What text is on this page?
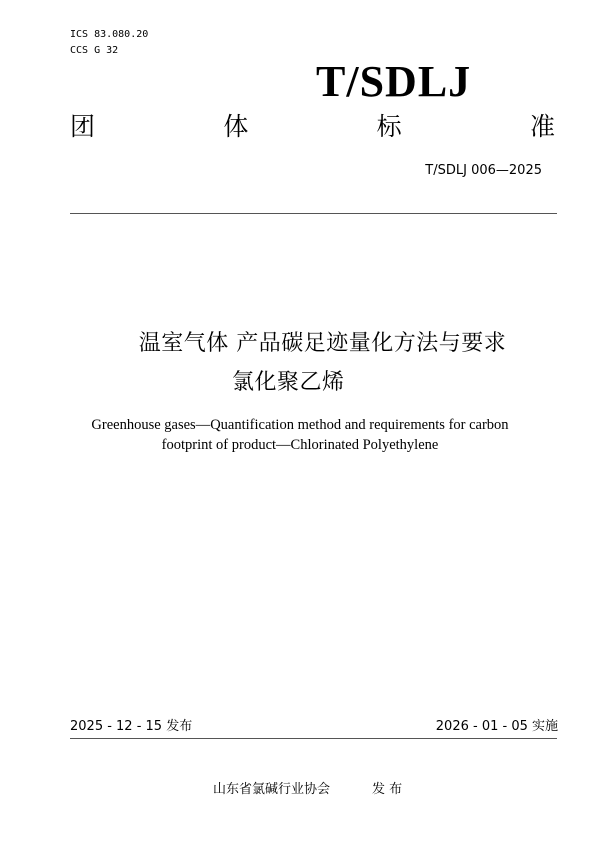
ICS 83.080.20
CCS G 32
T/SDLJ
团	体	标	准
T/SDLJ 006—2025
温室气体 产品碳足迹量化方法与要求
氯化聚乙烯
Greenhouse gases—Quantification method and requirements for carbon
footprint of product—Chlorinated Polyethylene
2025 - 12 - 15 发布	2026 - 01 - 05 实施
山东省氯碱行业协会	发 布
